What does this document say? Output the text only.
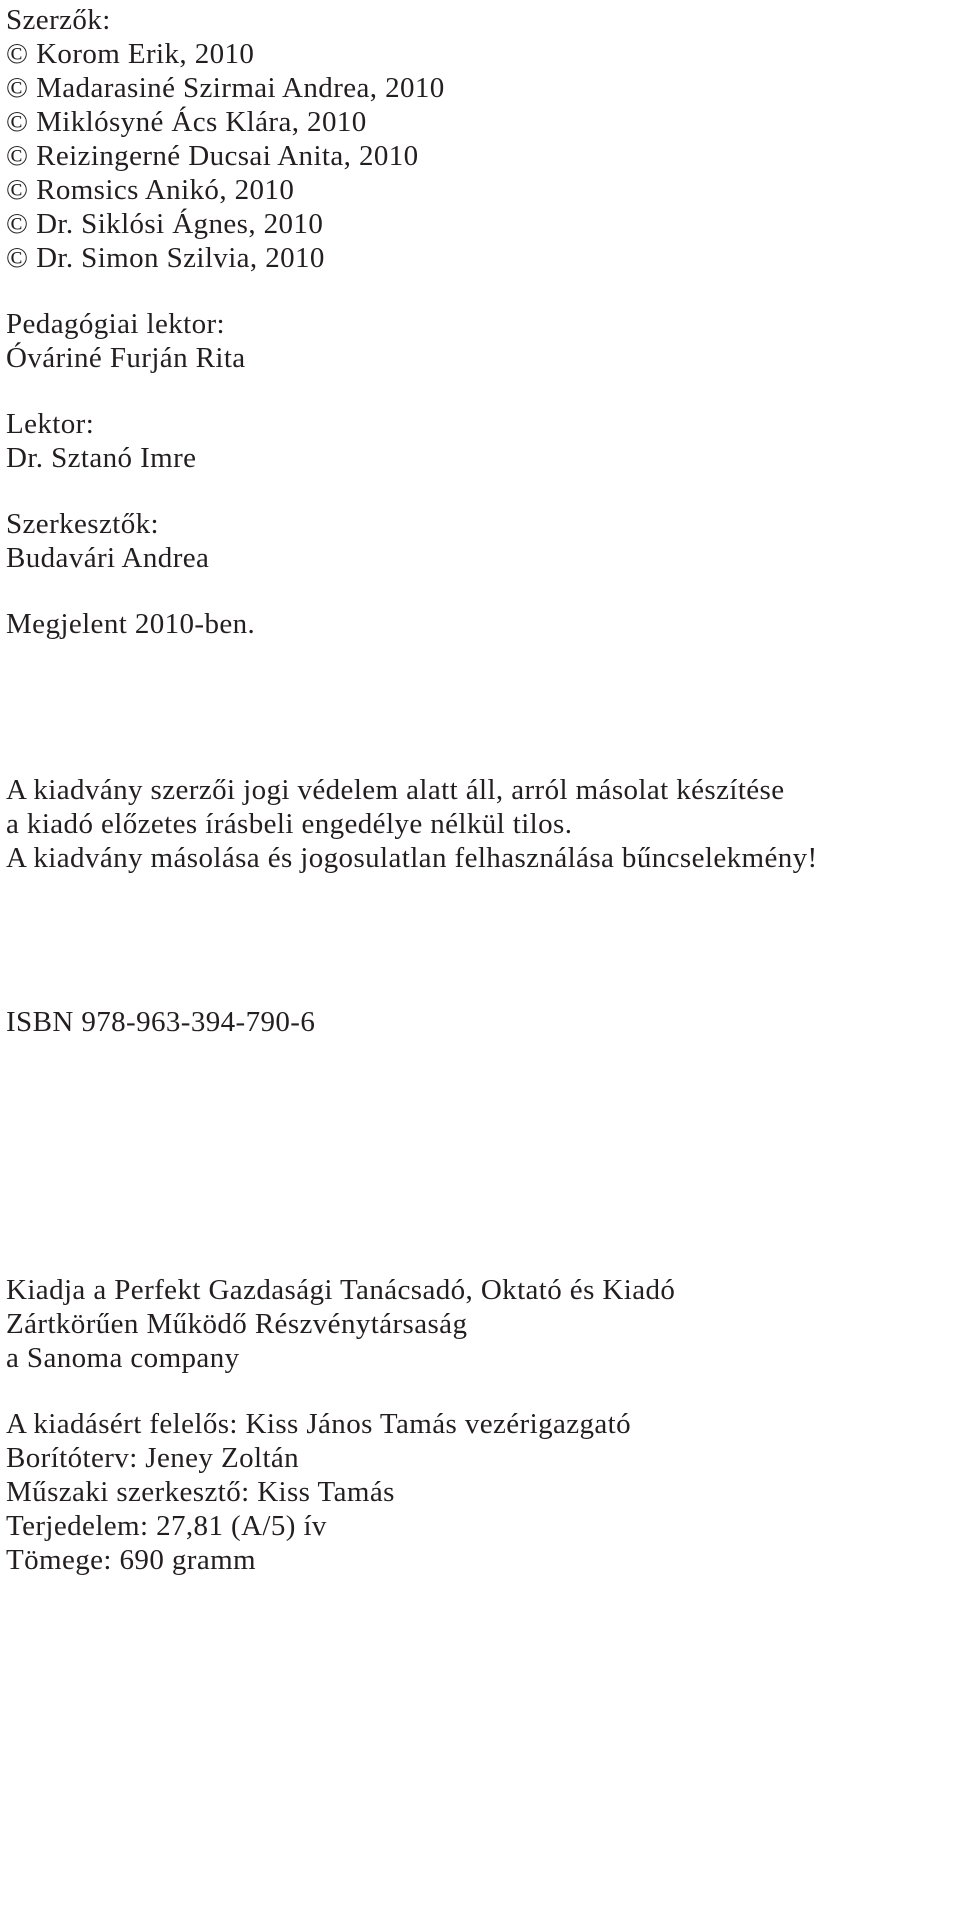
Szerzők:
© Korom Erik, 2010
© Madarasiné Szirmai Andrea, 2010
© Miklósyné Ács Klára, 2010
© Reizingerné Ducsai Anita, 2010
© Romsics Anikó, 2010
© Dr. Siklósi Ágnes, 2010
© Dr. Simon Szilvia, 2010
Pedagógiai lektor:
Óváriné Furján Rita
Lektor:
Dr. Sztanó Imre
Szerkesztők:
Budavári Andrea
Megjelent 2010-ben.
A kiadvány szerzői jogi védelem alatt áll, arról másolat készítése
a kiadó előzetes írásbeli engedélye nélkül tilos.
A kiadvány másolása és jogosulatlan felhasználása bűncselekmény!
ISBN 978-963-394-790-6
Kiadja a Perfekt Gazdasági Tanácsadó, Oktató és Kiadó
Zártkörűen Működő Részvénytársaság
a Sanoma company
A kiadásért felelős: Kiss János Tamás vezérigazgató
Borítóterv: Jeney Zoltán
Műszaki szerkesztő: Kiss Tamás
Terjedelem: 27,81 (A/5) ív
Tömege: 690 gramm
